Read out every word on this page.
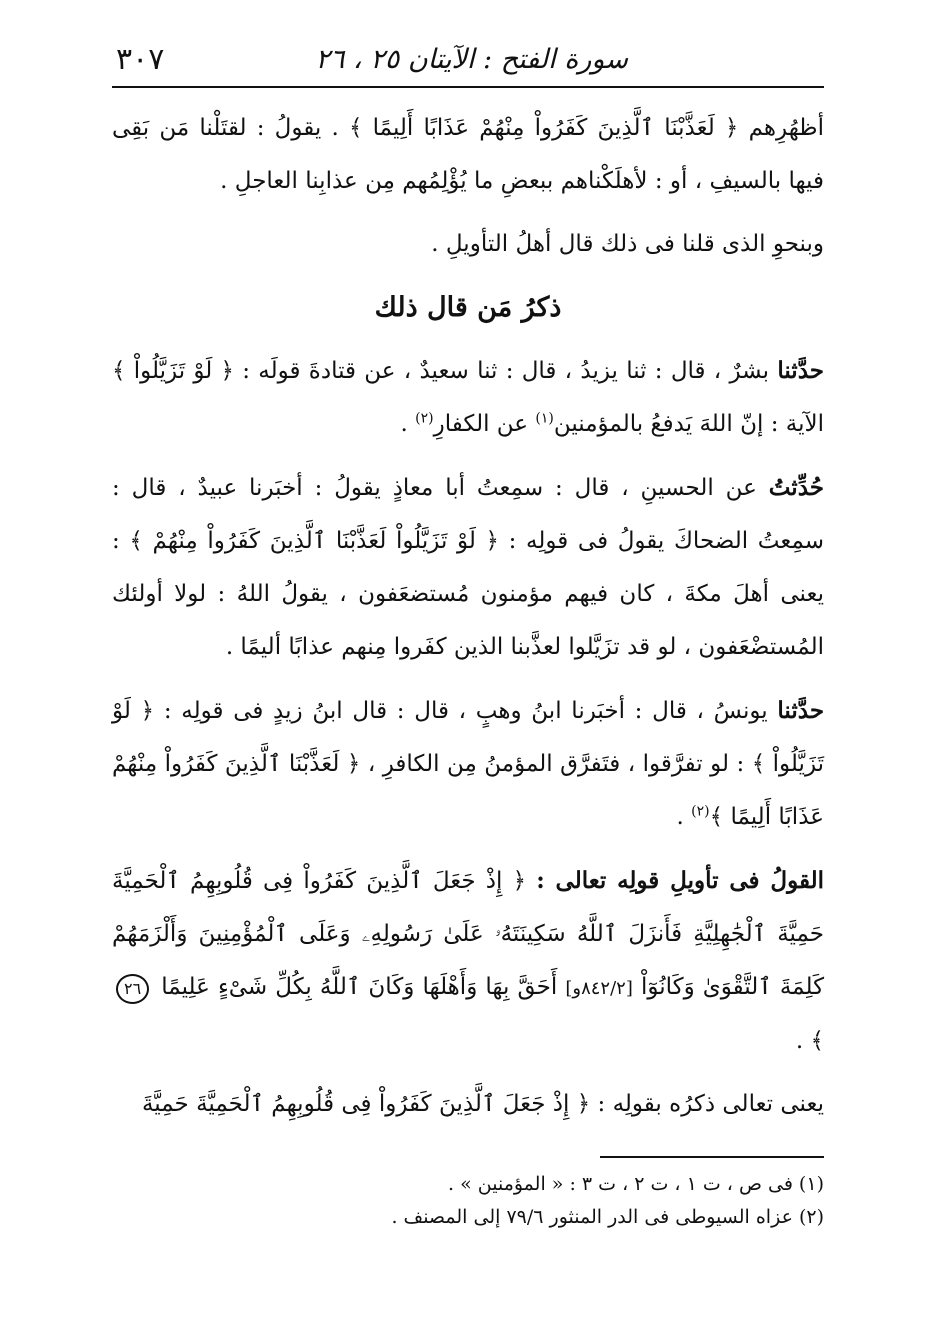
سورة الفتح : الآيتان ٢٥ ، ٢٦
٣٠٧

أظهُرِهم ﴿ لَعَذَّبْنَا ٱلَّذِينَ كَفَرُواْ مِنْهُمْ عَذَابًا أَلِيمًا ﴾ . يقولُ : لقتَلْنا مَن بَقِى فيها بالسيفِ ، أو : لأهلَكْناهم ببعضِ ما يُؤْلِمُهم مِن عذابِنا العاجلِ .

وبنحوِ الذى قلنا فى ذلك قال أهلُ التأويلِ .

ذكرُ مَن قال ذلك

حدَّثنا بشرٌ ، قال : ثنا يزيدُ ، قال : ثنا سعيدٌ ، عن قتادةَ قولَه : ﴿ لَوْ تَزَيَّلُواْ ﴾ الآية : إنّ اللهَ يَدفعُ بالمؤمنين$^{(١)}$ عن الكفارِ$^{(٢)}$ .

حُدِّثتُ عن الحسينِ ، قال : سمِعتُ أبا معاذٍ يقولُ : أخبَرنا عبيدٌ ، قال : سمِعتُ الضحاكَ يقولُ فى قولِه : ﴿ لَوْ تَزَيَّلُواْ لَعَذَّبْنَا ٱلَّذِينَ كَفَرُواْ مِنْهُمْ ﴾ : يعنى أهلَ مكةَ ، كان فيهم مؤمنون مُستضعَفون ، يقولُ اللهُ : لولا أولئك المُستضْعَفون ، لو قد تزَيَّلوا لعذَّبنا الذين كفَروا مِنهم عذابًا أليمًا .

حدَّثنا يونسُ ، قال : أخبَرنا ابنُ وهبٍ ، قال : قال ابنُ زيدٍ فى قولِه : ﴿ لَوْ تَزَيَّلُواْ ﴾ : لو تفرَّقوا ، فتَفرَّق المؤمنُ مِن الكافرِ ، ﴿ لَعَذَّبْنَا ٱلَّذِينَ كَفَرُواْ مِنْهُمْ عَذَابًا أَلِيمًا ﴾$^{(٢)}$ .

القولُ فى تأويلِ قولِه تعالى : ﴿ إِذْ جَعَلَ ٱلَّذِينَ كَفَرُواْ فِى قُلُوبِهِمُ ٱلْحَمِيَّةَ حَمِيَّةَ ٱلْجَٰهِلِيَّةِ فَأَنزَلَ ٱللَّهُ سَكِينَتَهُۥ عَلَىٰ رَسُولِهِۦ وَعَلَى ٱلْمُؤْمِنِينَ وَأَلْزَمَهُمْ كَلِمَةَ ٱلتَّقْوَىٰ وَكَانُوٓاْ [٨٤٢/٢و] أَحَقَّ بِهَا وَأَهْلَهَا وَكَانَ ٱللَّهُ بِكُلِّ شَىْءٍ عَلِيمًا ٢٦ ﴾ .

يعنى تعالى ذكرُه بقولِه : ﴿ إِذْ جَعَلَ ٱلَّذِينَ كَفَرُواْ فِى قُلُوبِهِمُ ٱلْحَمِيَّةَ حَمِيَّةَ

(١) فى ص ، ت ١ ، ت ٢ ، ت ٣ : « المؤمنين » .

(٢) عزاه السيوطى فى الدر المنثور ٧٩/٦ إلى المصنف .
